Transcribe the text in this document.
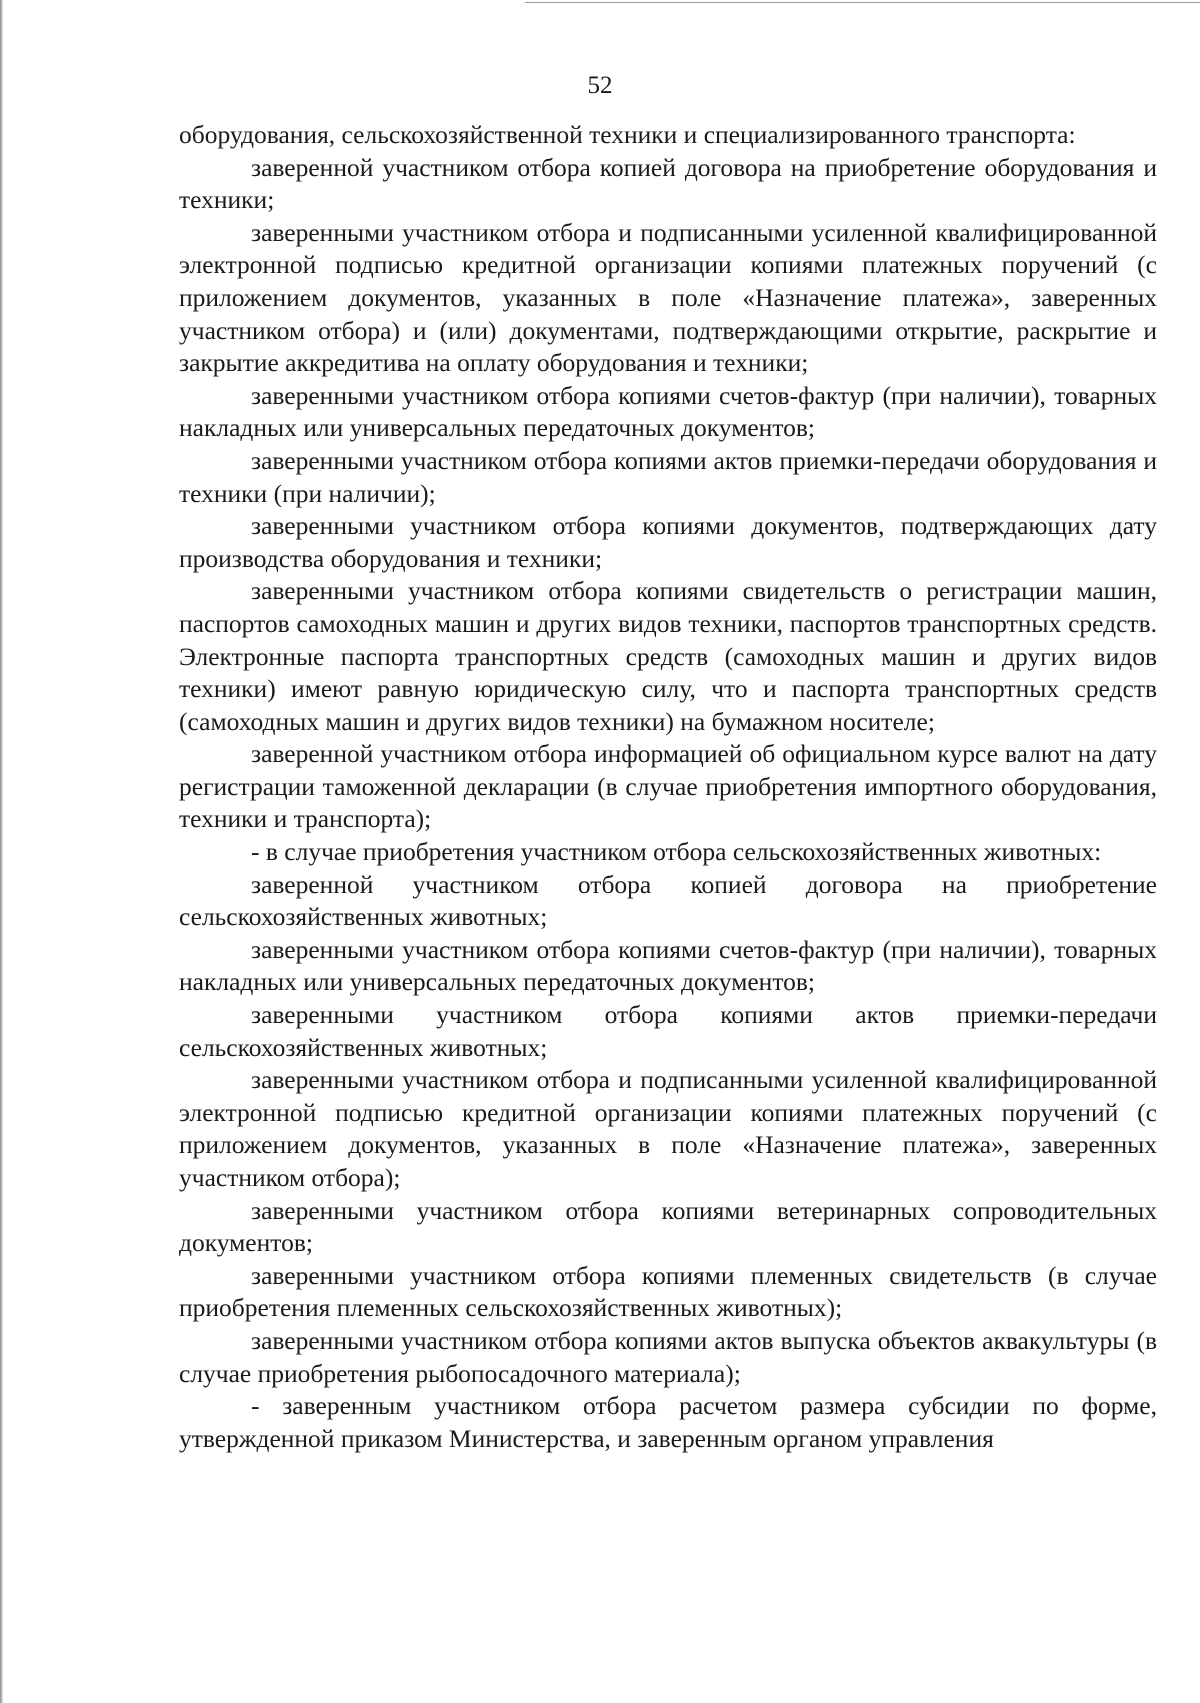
52

оборудования, сельскохозяйственной техники и специализированного транспорта:

заверенной участником отбора копией договора на приобретение оборудования и техники;

заверенными участником отбора и подписанными усиленной квалифицированной электронной подписью кредитной организации копиями платежных поручений (с приложением документов, указанных в поле «Назначение платежа», заверенных участником отбора) и (или) документами, подтверждающими открытие, раскрытие и закрытие аккредитива на оплату оборудования и техники;

заверенными участником отбора копиями счетов-фактур (при наличии), товарных накладных или универсальных передаточных документов;

заверенными участником отбора копиями актов приемки-передачи оборудования и техники (при наличии);

заверенными участником отбора копиями документов, подтверждающих дату производства оборудования и техники;

заверенными участником отбора копиями свидетельств о регистрации машин, паспортов самоходных машин и других видов техники, паспортов транспортных средств. Электронные паспорта транспортных средств (самоходных машин и других видов техники) имеют равную юридическую силу, что и паспорта транспортных средств (самоходных машин и других видов техники) на бумажном носителе;

заверенной участником отбора информацией об официальном курсе валют на дату регистрации таможенной декларации (в случае приобретения импортного оборудования, техники и транспорта);

- в случае приобретения участником отбора сельскохозяйственных животных:

заверенной участником отбора копией договора на приобретение сельскохозяйственных животных;

заверенными участником отбора копиями счетов-фактур (при наличии), товарных накладных или универсальных передаточных документов;

заверенными участником отбора копиями актов приемки-передачи сельскохозяйственных животных;

заверенными участником отбора и подписанными усиленной квалифицированной электронной подписью кредитной организации копиями платежных поручений (с приложением документов, указанных в поле «Назначение платежа», заверенных участником отбора);

заверенными участником отбора копиями ветеринарных сопроводительных документов;

заверенными участником отбора копиями племенных свидетельств (в случае приобретения племенных сельскохозяйственных животных);

заверенными участником отбора копиями актов выпуска объектов аквакультуры (в случае приобретения рыбопосадочного материала);

- заверенным участником отбора расчетом размера субсидии по форме, утвержденной приказом Министерства, и заверенным органом управления
